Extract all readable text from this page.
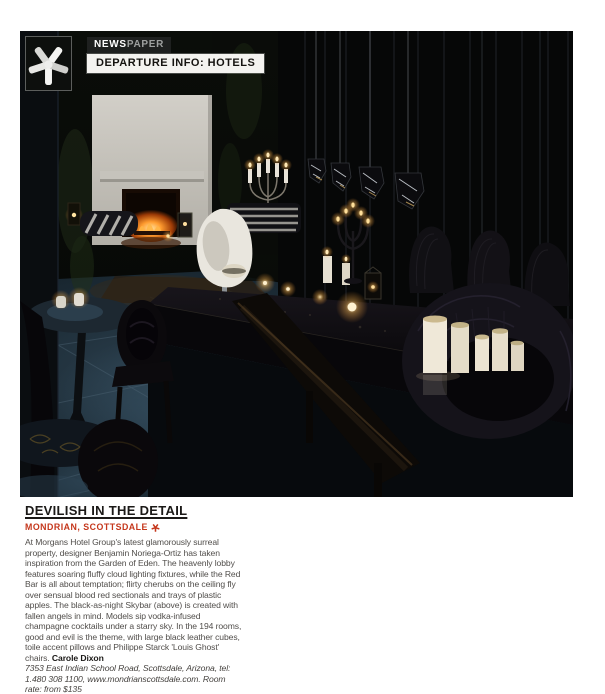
NEWSPAPER
DEPARTURE INFO: HOTELS
DEVILISH IN THE DETAIL
MONDRIAN, SCOTTSDALE

At Morgans Hotel Group's latest glamorously surreal property, designer Benjamin Noriega-Ortiz has taken inspiration from the Garden of Eden. The heavenly lobby features soaring fluffy cloud lighting fixtures, while the Red Bar is all about temptation; flirty cherubs on the ceiling fly over sensual blood red sectionals and trays of plastic apples. The black-as-night Skybar (above) is created with fallen angels in mind. Models sip vodka-infused champagne cocktails under a starry sky. In the 194 rooms, good and evil is the theme, with large black leather cubes, toile accent pillows and Philippe Starck 'Louis Ghost' chairs. Carole Dixon

7353 East Indian School Road, Scottsdale, Arizona, tel: 1.480 308 1100, www.mondrianscottsdale.com. Room rate: from $135
